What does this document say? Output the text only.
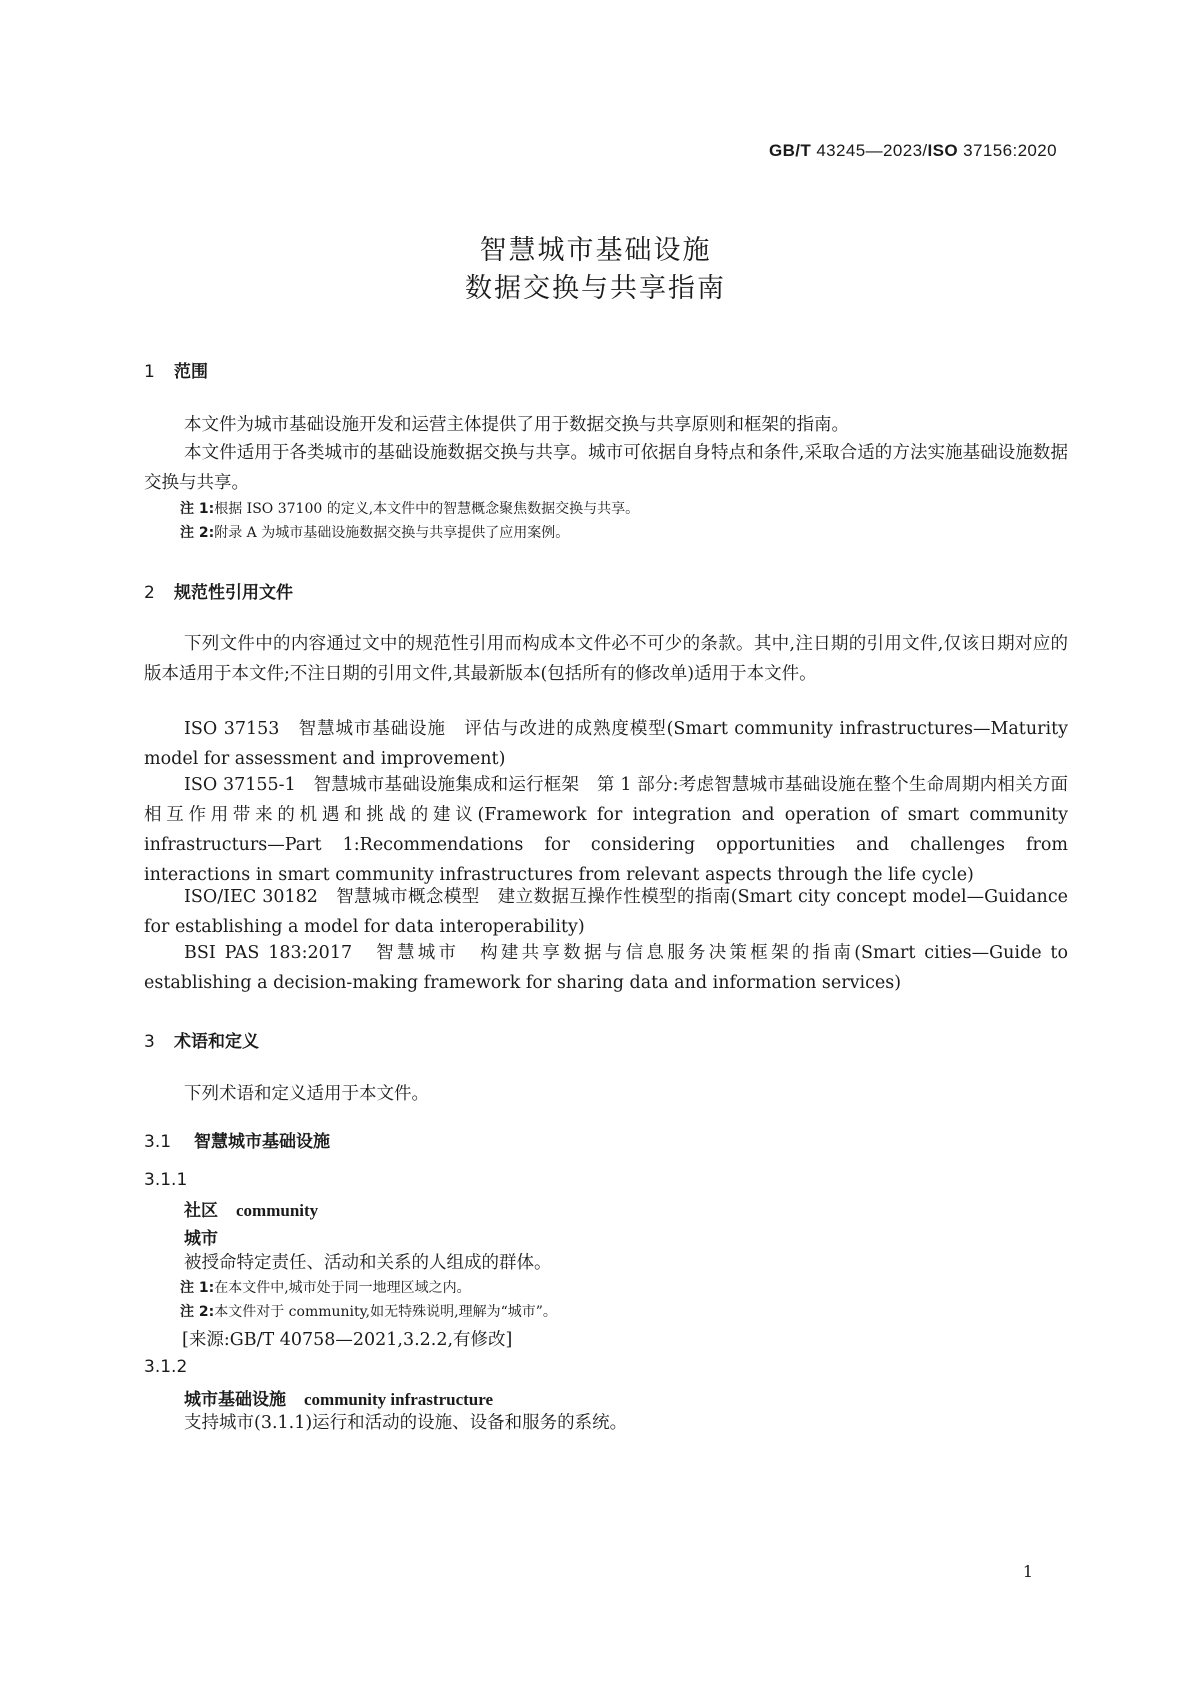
GB/T 43245—2023/ISO 37156:2020
智慧城市基础设施
数据交换与共享指南
1 范围
本文件为城市基础设施开发和运营主体提供了用于数据交换与共享原则和框架的指南。
本文件适用于各类城市的基础设施数据交换与共享。城市可依据自身特点和条件,采取合适的方法实施基础设施数据交换与共享。
注 1:根据 ISO 37100 的定义,本文件中的智慧概念聚焦数据交换与共享。
注 2:附录 A 为城市基础设施数据交换与共享提供了应用案例。
2 规范性引用文件
下列文件中的内容通过文中的规范性引用而构成本文件必不可少的条款。其中,注日期的引用文件,仅该日期对应的版本适用于本文件;不注日期的引用文件,其最新版本(包括所有的修改单)适用于本文件。
ISO 37153　智慧城市基础设施　评估与改进的成熟度模型(Smart community infrastructures—Maturity model for assessment and improvement)
ISO 37155-1　智慧城市基础设施集成和运行框架　第 1 部分:考虑智慧城市基础设施在整个生命周期内相关方面相互作用带来的机遇和挑战的建议(Framework for integration and operation of smart community infrastructurs—Part 1:Recommendations for considering opportunities and challenges from interactions in smart community infrastructures from relevant aspects through the life cycle)
ISO/IEC 30182　智慧城市概念模型　建立数据互操作性模型的指南(Smart city concept model—Guidance for establishing a model for data interoperability)
BSI PAS 183:2017　智慧城市　构建共享数据与信息服务决策框架的指南(Smart cities—Guide to establishing a decision-making framework for sharing data and information services)
3 术语和定义
下列术语和定义适用于本文件。
3.1 智慧城市基础设施
3.1.1
社区 community
城市
被授命特定责任、活动和关系的人组成的群体。
注 1:在本文件中,城市处于同一地理区域之内。
注 2:本文件对于 community,如无特殊说明,理解为“城市”。
[来源:GB/T 40758—2021,3.2.2,有修改]
3.1.2
城市基础设施 community infrastructure
支持城市(3.1.1)运行和活动的设施、设备和服务的系统。
1
